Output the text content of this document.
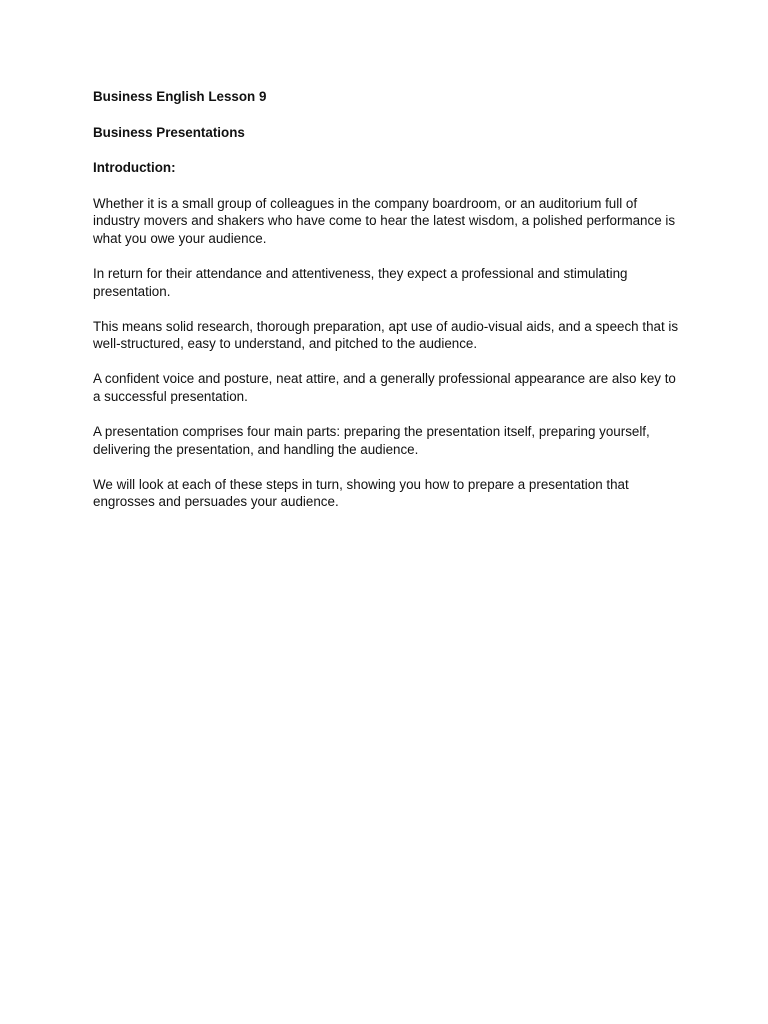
Business English Lesson 9

Business Presentations

Introduction:

Whether it is a small group of colleagues in the company boardroom, or an auditorium full of industry movers and shakers who have come to hear the latest wisdom, a polished performance is what you owe your audience.

In return for their attendance and attentiveness, they expect a professional and stimulating presentation.

This means solid research, thorough preparation, apt use of audio-visual aids, and a speech that is well-structured, easy to understand, and pitched to the audience.

A confident voice and posture, neat attire, and a generally professional appearance are also key to a successful presentation.

A presentation comprises four main parts: preparing the presentation itself, preparing yourself, delivering the presentation, and handling the audience.

We will look at each of these steps in turn, showing you how to prepare a presentation that engrosses and persuades your audience.
